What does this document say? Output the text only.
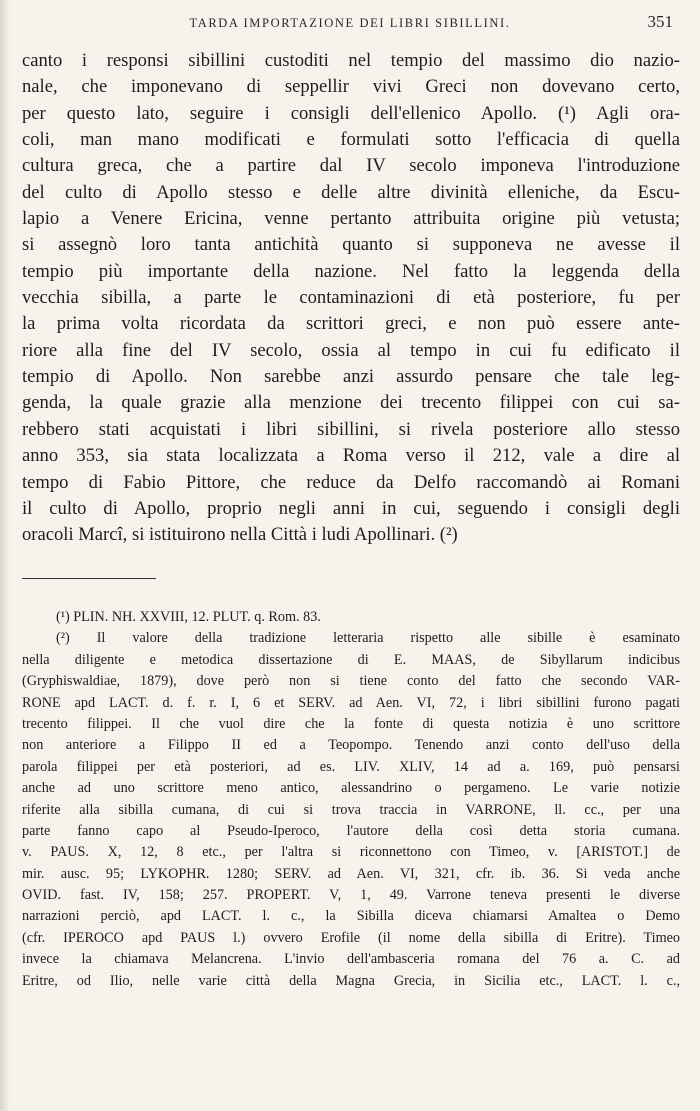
TARDA IMPORTAZIONE DEI LIBRI SIBILLINI.	351
canto i responsi sibillini custoditi nel tempio del massimo dio nazio-
nale, che imponevano di seppellir vivi Greci non dovevano certo,
per questo lato, seguire i consigli dell'ellenico Apollo. (¹) Agli ora-
coli, man mano modificati e formulati sotto l'efficacia di quella
cultura greca, che a partire dal IV secolo imponeva l'introduzione
del culto di Apollo stesso e delle altre divinità elleniche, da Escu-
lapio a Venere Ericina, venne pertanto attribuita origine più vetusta;
si assegnò loro tanta antichità quanto si supponeva ne avesse il
tempio più importante della nazione. Nel fatto la leggenda della
vecchia sibilla, a parte le contaminazioni di età posteriore, fu per
la prima volta ricordata da scrittori greci, e non può essere ante-
riore alla fine del IV secolo, ossia al tempo in cui fu edificato il
tempio di Apollo. Non sarebbe anzi assurdo pensare che tale leg-
genda, la quale grazie alla menzione dei trecento filippei con cui sa-
rebbero stati acquistati i libri sibillini, si rivela posteriore allo stesso
anno 353, sia stata localizzata a Roma verso il 212, vale a dire al
tempo di Fabio Pittore, che reduce da Delfo raccomandò ai Romani
il culto di Apollo, proprio negli anni in cui, seguendo i consigli degli
oracoli Marcî, si istituirono nella Città i ludi Apollinari. (²)
(¹) PLIN. NH. XXVIII, 12. PLUT. q. Rom. 83.
(²) Il valore della tradizione letteraria rispetto alle sibille è esaminato
nella diligente e metodica dissertazione di E. MAAS, de Sibyllarum indicibus
(Gryphiswaldiae, 1879), dove però non si tiene conto del fatto che secondo VAR-
RONE apd LACT. d. f. r. I, 6 et SERV. ad Aen. VI, 72, i libri sibillini furono pagati
trecento filippei. Il che vuol dire che la fonte di questa notizia è uno scrittore
non anteriore a Filippo II ed a Teopompo. Tenendo anzi conto dell'uso della
parola filippei per età posteriori, ad es. LIV. XLIV, 14 ad a. 169, può pensarsi
anche ad uno scrittore meno antico, alessandrino o pergameno. Le varie notizie
riferite alla sibilla cumana, di cui si trova traccia in VARRONE, ll. cc., per una
parte fanno capo al Pseudo-Iperoco, l'autore della così detta storia cumana.
v. PAUS. X, 12, 8 etc., per l'altra si riconnettono con Timeo, v. [ARISTOT.] de
mir. ausc. 95; LYKOPHR. 1280; SERV. ad Aen. VI, 321, cfr. ib. 36. Si veda anche
OVID. fast. IV, 158; 257. PROPERT. V, 1, 49. Varrone teneva presenti le diverse
narrazioni perciò, apd LACT. l. c., la Sibilla diceva chiamarsi Amaltea o Demo
(cfr. IPEROCO apd PAUS l.) ovvero Erofile (il nome della sibilla di Eritre). Timeo
invece la chiamava Melancrena. L'invio dell'ambasceria romana del 76 a. C. ad
Eritre, od Ilio, nelle varie città della Magna Grecia, in Sicilia etc., LACT. l. c.,
